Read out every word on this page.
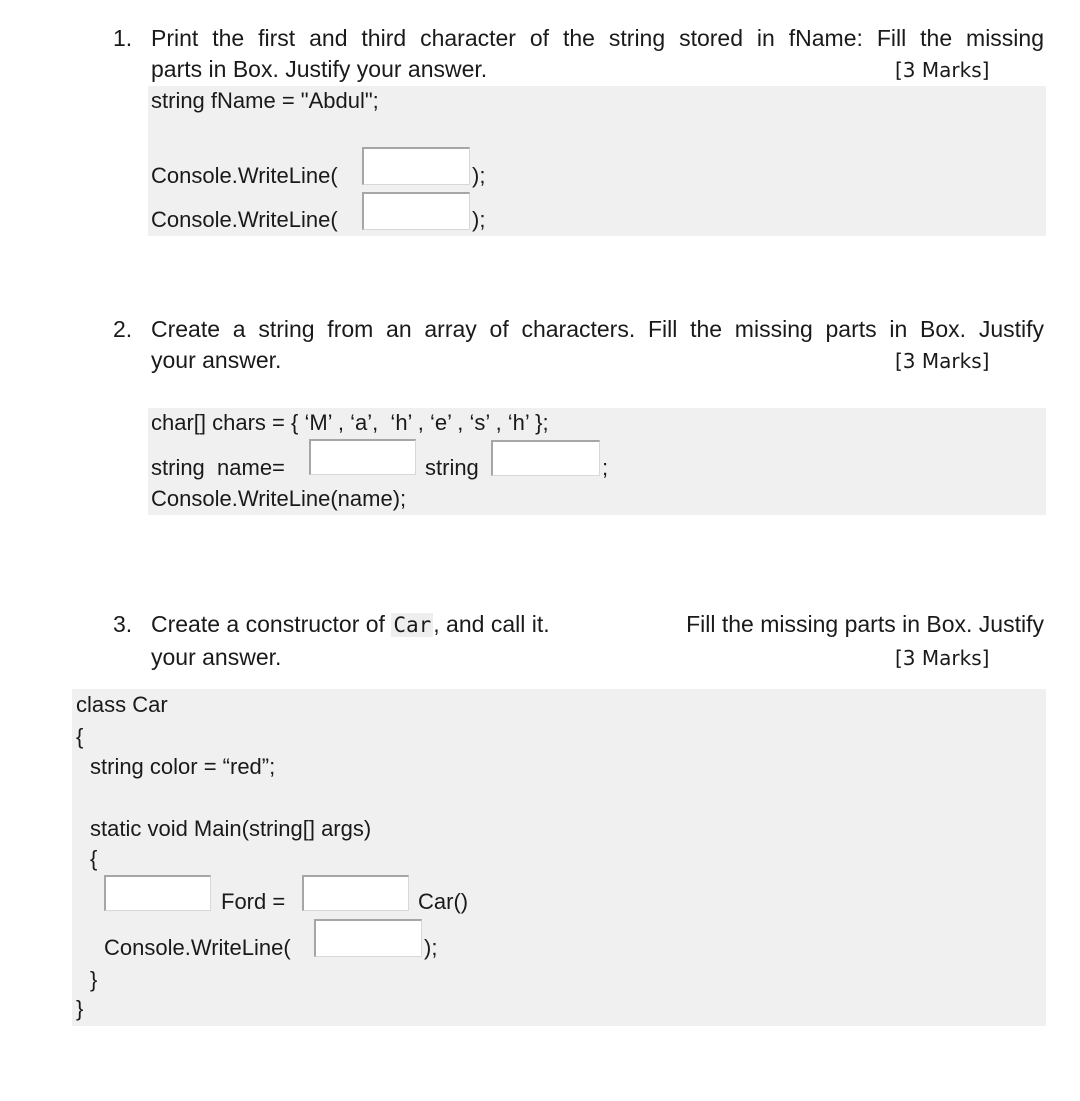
1. Print the first and third character of the string stored in fName: Fill the missing
parts in Box. Justify your answer.	[3 Marks]
string fName = "Abdul";
Console.WriteLine(	);
Console.WriteLine(	);
2. Create a string from an array of characters. Fill the missing parts in Box. Justify
your answer.	[3 Marks]
char[] chars = { ‘M’ , ‘a’,  ‘h’ , ‘e’ , ‘s’ , ‘h’ };
string  name=	string	;
Console.WriteLine(name);
3. Create a constructor of Car, and call it.	Fill the missing parts in Box. Justify
your answer.	[3 Marks]
class Car
{
string color = “red”;
static void Main(string[] args)
{
Ford =	Car()
Console.WriteLine(	);
}
}
